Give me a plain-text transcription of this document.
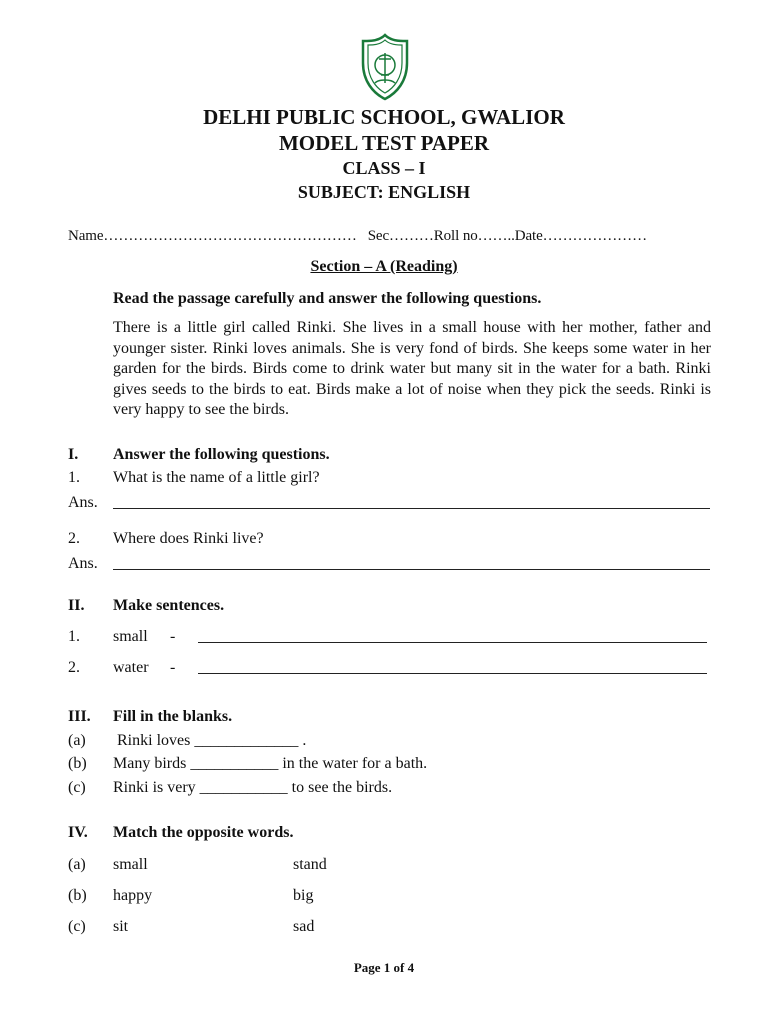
DELHI PUBLIC SCHOOL, GWALIOR
MODEL TEST PAPER
CLASS – I
SUBJECT: ENGLISH
Name…………………………………………… Sec………Roll no……..Date…………………
Section – A (Reading)
Read the passage carefully and answer the following questions.
There is a little girl called Rinki. She lives in a small house with her mother, father and younger sister. Rinki loves animals. She is very fond of birds. She keeps some water in her garden for the birds. Birds come to drink water but many sit in the water for a bath. Rinki gives seeds to the birds to eat. Birds make a lot of noise when they pick the seeds. Rinki is very happy to see the birds.
I. Answer the following questions.
1. What is the name of a little girl?
Ans.
2. Where does Rinki live?
Ans.
II. Make sentences.
1. small -
2. water -
III. Fill in the blanks.
(a) Rinki loves _____________ .
(b) Many birds ___________ in the water for a bath.
(c) Rinki is very ___________ to see the birds.
IV. Match the opposite words.
(a) small	stand
(b) happy	big
(c) sit	sad
Page 1 of 4
